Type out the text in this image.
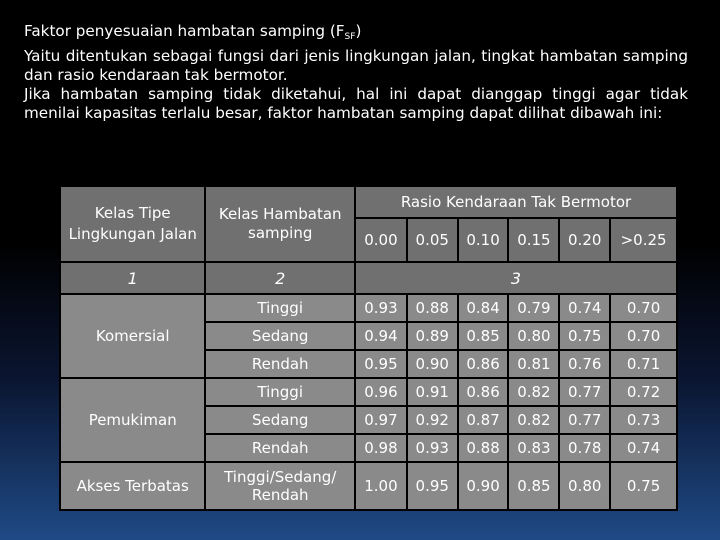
Faktor penyesuaian hambatan samping $(F_{SF})$

Yaitu ditentukan sebagai fungsi dari jenis lingkungan jalan, tingkat hambatan samping dan rasio kendaraan tak bermotor.

Jika hambatan samping tidak diketahui, hal ini dapat dianggap tinggi agar tidak menilai kapasitas terlalu besar, faktor hambatan samping dapat dilihat dibawah ini:

Kelas Tipe Lingkungan Jalan	Kelas Hambatan samping	Rasio Kendaraan Tak Bermotor					
		0.00	0.05	0.10	0.15	0.20	>0.25
1	2	3					
Komersial	Tinggi	0.93	0.88	0.84	0.79	0.74	0.70
	Sedang	0.94	0.89	0.85	0.80	0.75	0.70
	Rendah	0.95	0.90	0.86	0.81	0.76	0.71
Pemukiman	Tinggi	0.96	0.91	0.86	0.82	0.77	0.72
	Sedang	0.97	0.92	0.87	0.82	0.77	0.73
	Rendah	0.98	0.93	0.88	0.83	0.78	0.74
Akses Terbatas	Tinggi/Sedang/ Rendah	1.00	0.95	0.90	0.85	0.80	0.75
